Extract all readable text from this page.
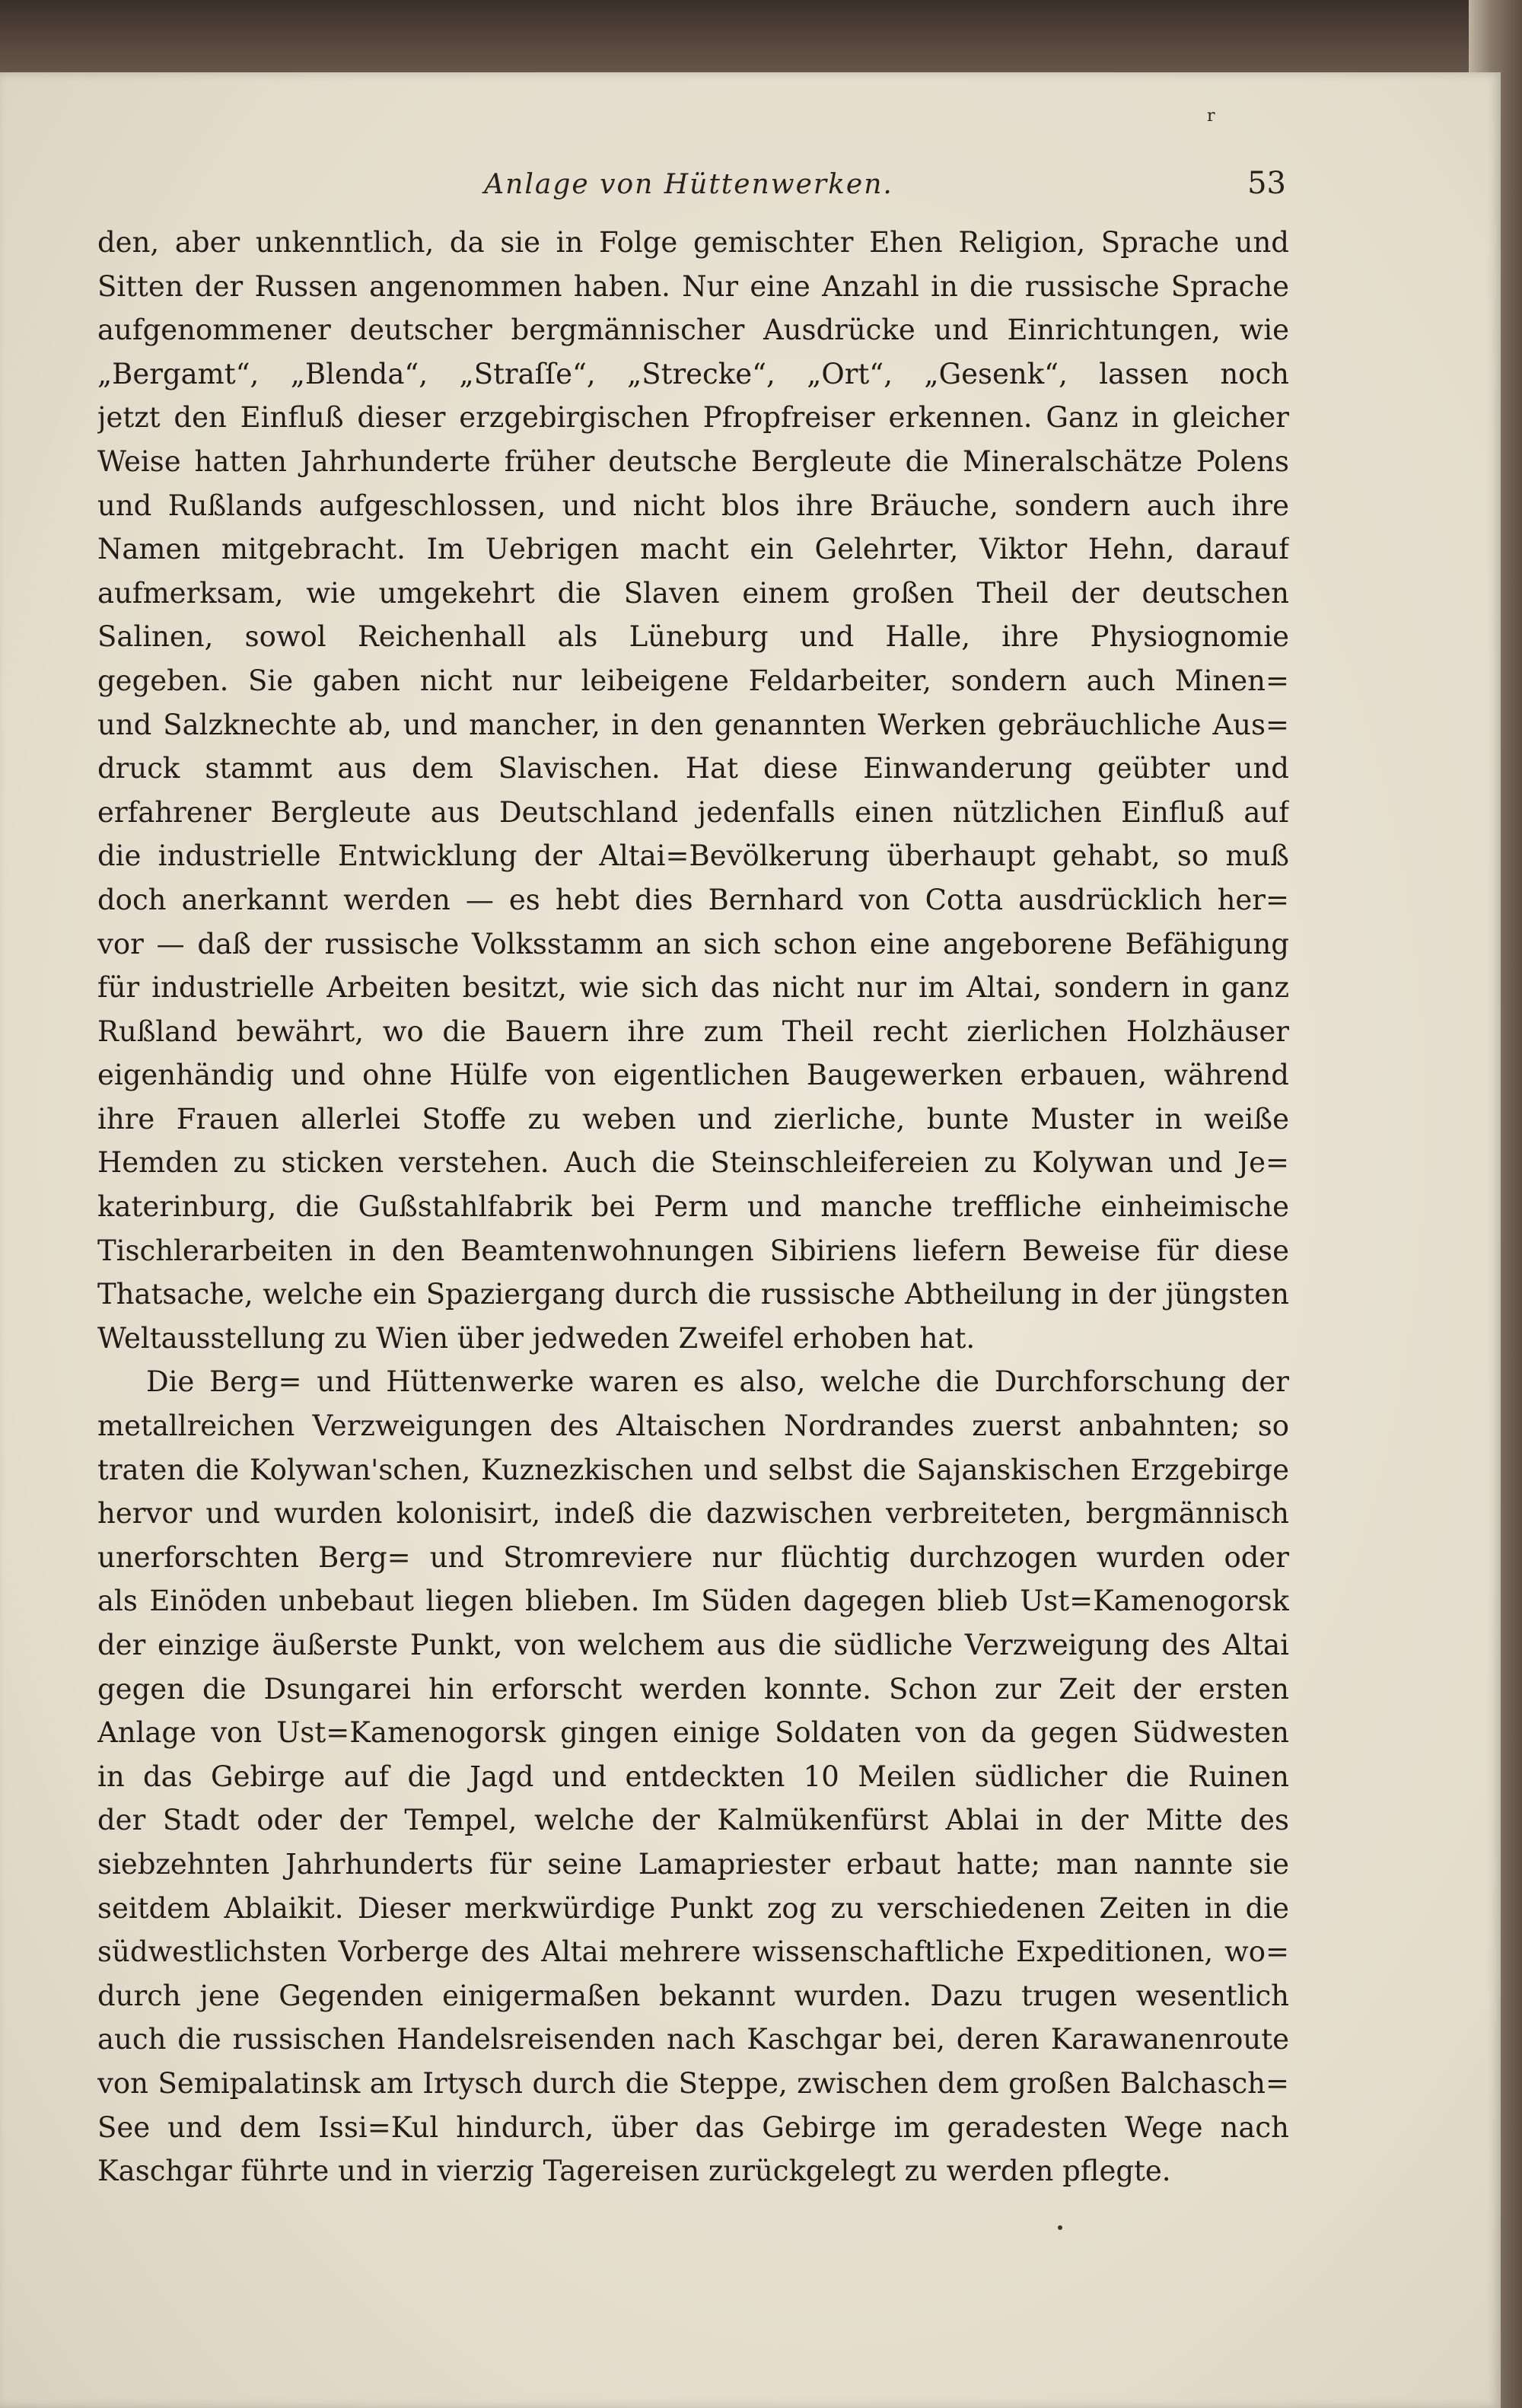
r
Anlage von Hüttenwerken.	53
den, aber unkenntlich, da sie in Folge gemischter Ehen Religion, Sprache und
Sitten der Russen angenommen haben. Nur eine Anzahl in die russische Sprache
aufgenommener deutscher bergmännischer Ausdrücke und Einrichtungen, wie
„Bergamt“, „Blenda“, „Straſſe“, „Strecke“, „Ort“, „Gesenk“, lassen noch
jetzt den Einfluß dieser erzgebirgischen Pfropfreiser erkennen. Ganz in gleicher
Weise hatten Jahrhunderte früher deutsche Bergleute die Mineralschätze Polens
und Rußlands aufgeschlossen, und nicht blos ihre Bräuche, sondern auch ihre
Namen mitgebracht. Im Uebrigen macht ein Gelehrter, Viktor Hehn, darauf
aufmerksam, wie umgekehrt die Slaven einem großen Theil der deutschen
Salinen, sowol Reichenhall als Lüneburg und Halle, ihre Physiognomie
gegeben. Sie gaben nicht nur leibeigene Feldarbeiter, sondern auch Minen=
und Salzknechte ab, und mancher, in den genannten Werken gebräuchliche Aus=
druck stammt aus dem Slavischen. Hat diese Einwanderung geübter und
erfahrener Bergleute aus Deutschland jedenfalls einen nützlichen Einfluß auf
die industrielle Entwicklung der Altai=Bevölkerung überhaupt gehabt, so muß
doch anerkannt werden — es hebt dies Bernhard von Cotta ausdrücklich her=
vor — daß der russische Volksstamm an sich schon eine angeborene Befähigung
für industrielle Arbeiten besitzt, wie sich das nicht nur im Altai, sondern in ganz
Rußland bewährt, wo die Bauern ihre zum Theil recht zierlichen Holzhäuser
eigenhändig und ohne Hülfe von eigentlichen Baugewerken erbauen, während
ihre Frauen allerlei Stoffe zu weben und zierliche, bunte Muster in weiße
Hemden zu sticken verstehen. Auch die Steinschleifereien zu Kolywan und Je=
katerinburg, die Gußstahlfabrik bei Perm und manche treffliche einheimische
Tischlerarbeiten in den Beamtenwohnungen Sibiriens liefern Beweise für diese
Thatsache, welche ein Spaziergang durch die russische Abtheilung in der jüngsten
Weltausstellung zu Wien über jedweden Zweifel erhoben hat.
Die Berg= und Hüttenwerke waren es also, welche die Durchforschung der
metallreichen Verzweigungen des Altaischen Nordrandes zuerst anbahnten; so
traten die Kolywan'schen, Kuznezkischen und selbst die Sajanskischen Erzgebirge
hervor und wurden kolonisirt, indeß die dazwischen verbreiteten, bergmännisch
unerforschten Berg= und Stromreviere nur flüchtig durchzogen wurden oder
als Einöden unbebaut liegen blieben. Im Süden dagegen blieb Ust=Kamenogorsk
der einzige äußerste Punkt, von welchem aus die südliche Verzweigung des Altai
gegen die Dsungarei hin erforscht werden konnte. Schon zur Zeit der ersten
Anlage von Ust=Kamenogorsk gingen einige Soldaten von da gegen Südwesten
in das Gebirge auf die Jagd und entdeckten 10 Meilen südlicher die Ruinen
der Stadt oder der Tempel, welche der Kalmükenfürst Ablai in der Mitte des
siebzehnten Jahrhunderts für seine Lamapriester erbaut hatte; man nannte sie
seitdem Ablaikit. Dieser merkwürdige Punkt zog zu verschiedenen Zeiten in die
südwestlichsten Vorberge des Altai mehrere wissenschaftliche Expeditionen, wo=
durch jene Gegenden einigermaßen bekannt wurden. Dazu trugen wesentlich
auch die russischen Handelsreisenden nach Kaschgar bei, deren Karawanenroute
von Semipalatinsk am Irtysch durch die Steppe, zwischen dem großen Balchasch=
See und dem Issi=Kul hindurch, über das Gebirge im geradesten Wege nach
Kaschgar führte und in vierzig Tagereisen zurückgelegt zu werden pflegte.
